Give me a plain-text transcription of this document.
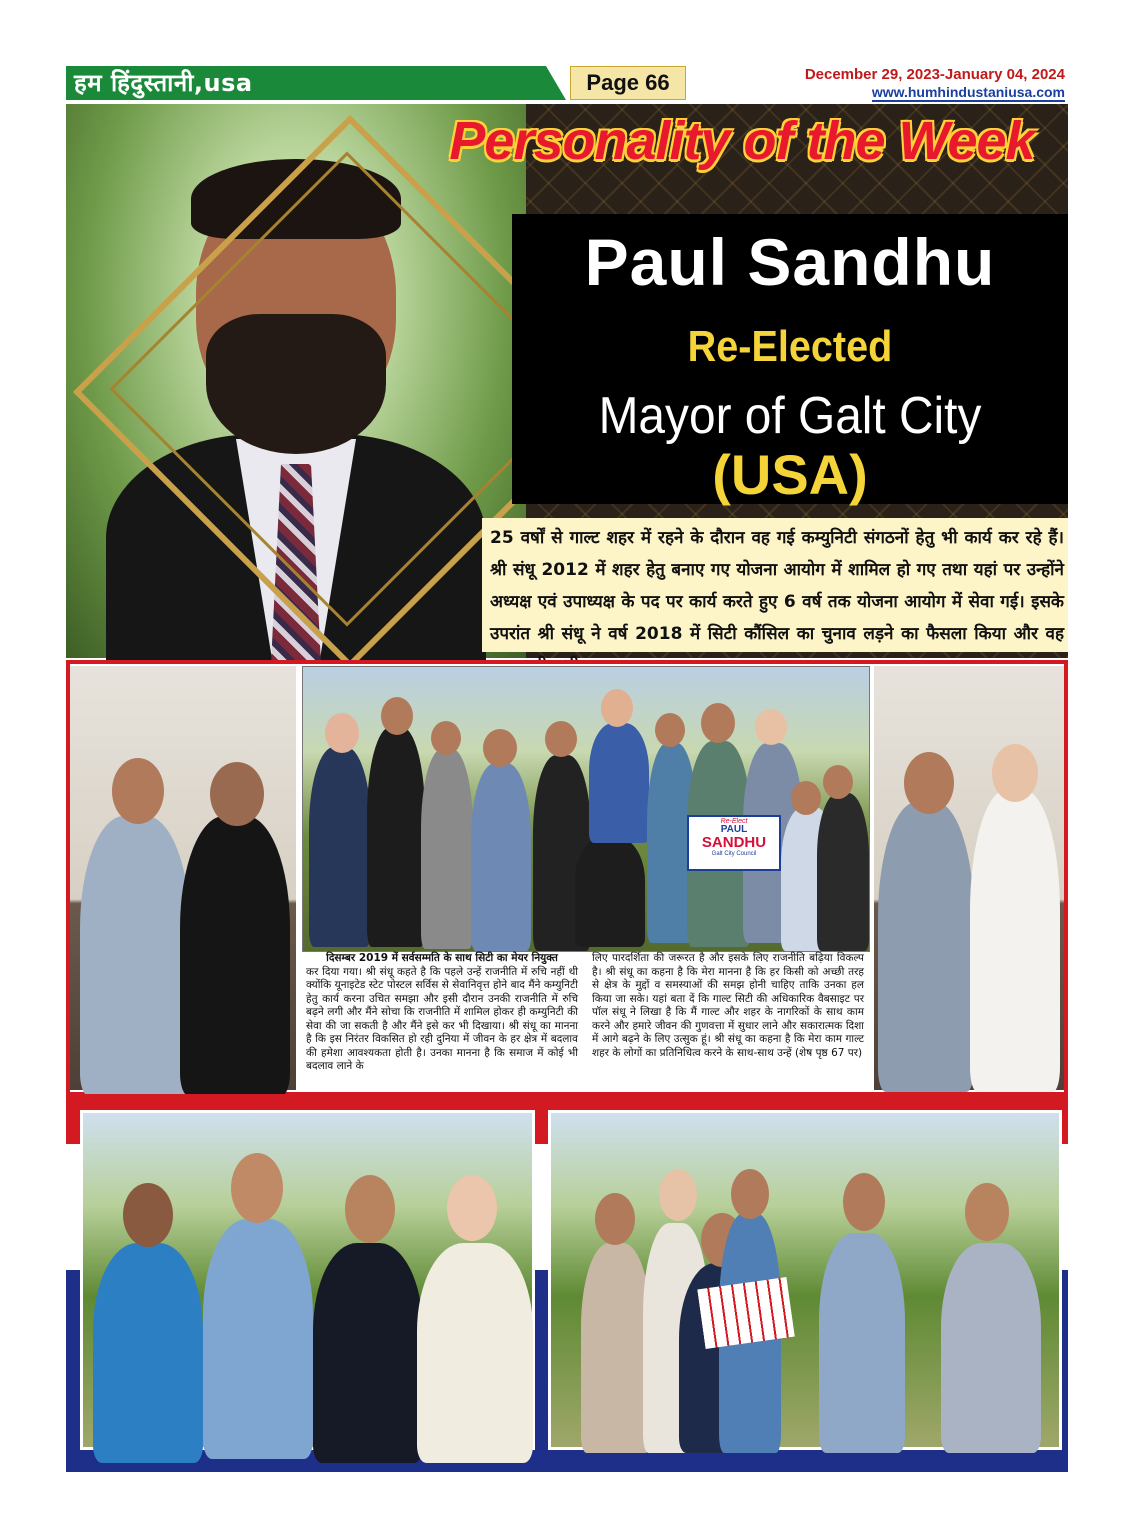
हम हिंदुस्तानी,usa	Page 66	December 29, 2023-January 04, 2024
www.humhindustaniusa.com
Personality of the Week
Paul Sandhu
Re-Elected
Mayor of Galt City
(USA)
25 वर्षों से गाल्ट शहर में रहने के दौरान वह गई कम्युनिटी संगठनों हेतु भी कार्य कर रहे हैं। श्री संधू 2012 में शहर हेतु बनाए गए योजना आयोग में शामिल हो गए तथा यहां पर उन्होंने अध्यक्ष एवं उपाध्यक्ष के पद पर कार्य करते हुए 6 वर्ष तक योजना आयोग में सेवा गई। इसके उपरांत श्री संधू ने वर्ष 2018 में सिटी कौंसिल का चुनाव लड़ने का फैसला किया और वह
Re-Elect
PAUL
SANDHU
Galt City Council
दिसम्बर 2019 में सर्वसम्मति के साथ सिटी का मेयर नियुक्त
कर दिया गया। श्री संधू कहते है कि पहले उन्हें राजनीति में रुचि नहीं थी क्योंकि यूनाइटेड स्टेट पोस्टल सर्विस से सेवानिवृत्त होने बाद मैंने कम्युनिटी हेतु कार्य करना उचित समझा और इसी दौरान उनकी राजनीति में रुचि बढ़ने लगी और मैंने सोचा कि राजनीति में शामिल होकर ही कम्युनिटी की सेवा की जा सकती है और मैंने इसे कर भी दिखाया। श्री संधू का मानना है कि इस निरंतर विकसित हो रही दुनिया में जीवन के हर क्षेत्र में बदलाव की हमेशा आवश्यकता होती है। उनका मानना है कि समाज में कोई भी बदलाव लाने के
लिए पारदर्शिता की जरूरत है और इसके लिए राजनीति बढ़िया विकल्प है। श्री संधू का कहना है कि मेरा मानना है कि हर किसी को अच्छी तरह से क्षेत्र के मुद्दों व समस्याओं की समझ होनी चाहिए ताकि उनका हल किया जा सके। यहां बता दें कि गाल्ट सिटी की अधिकारिक वैबसाइट पर पॉल संधू ने लिखा है कि मैं गाल्ट और शहर के नागरिकों के साथ काम करने और हमारे जीवन की गुणवत्ता में सुधार लाने और सकारात्मक दिशा में आगे बढ़ने के लिए उत्सुक हूं। श्री संधू का कहना है कि मेरा काम गाल्ट शहर के लोगों का प्रतिनिधित्व करने के साथ-साथ उन्हें (शेष पृष्ठ 67 पर)
